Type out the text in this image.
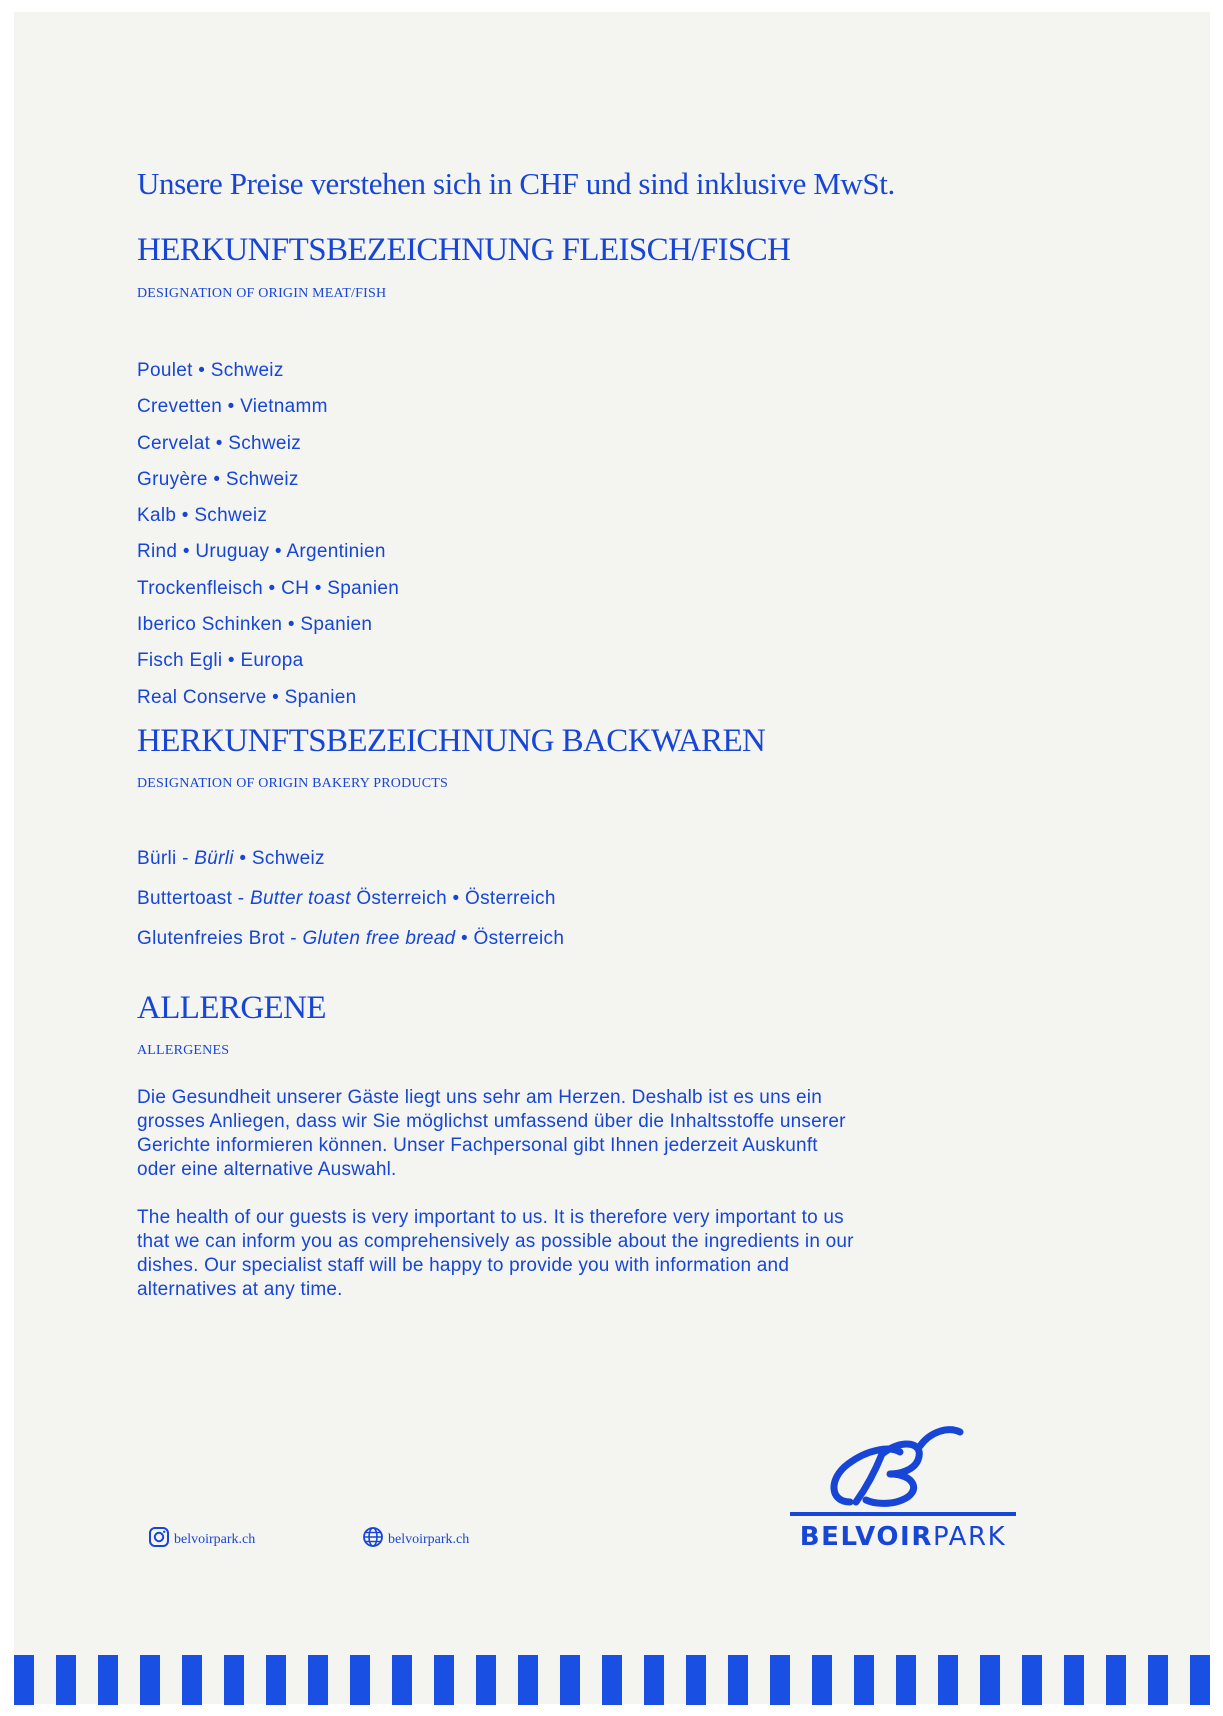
Unsere Preise verstehen sich in CHF und sind inklusive MwSt.
HERKUNFTSBEZEICHNUNG FLEISCH/FISCH
DESIGNATION OF ORIGIN MEAT/FISH
Poulet • Schweiz
Crevetten • Vietnamm
Cervelat • Schweiz
Gruyère • Schweiz
Kalb • Schweiz
Rind • Uruguay • Argentinien
Trockenfleisch • CH • Spanien
Iberico Schinken • Spanien
Fisch Egli • Europa
Real Conserve • Spanien
HERKUNFTSBEZEICHNUNG BACKWAREN
DESIGNATION OF ORIGIN BAKERY PRODUCTS
Bürli - Bürli • Schweiz
Buttertoast - Butter toast Österreich • Österreich
Glutenfreies Brot - Gluten free bread • Österreich
ALLERGENE
ALLERGENES

Die Gesundheit unserer Gäste liegt uns sehr am Herzen. Deshalb ist es uns ein grosses Anliegen, dass wir Sie möglichst umfassend über die Inhaltsstoffe unserer Gerichte informieren können. Unser Fachpersonal gibt Ihnen jederzeit Auskunft oder eine alternative Auswahl.

The health of our guests is very important to us. It is therefore very important to us that we can inform you as comprehensively as possible about the ingredients in our dishes. Our specialist staff will be happy to provide you with information and alternatives at any time.

belvoirpark.ch	belvoirpark.ch	BELVOIRPARK
